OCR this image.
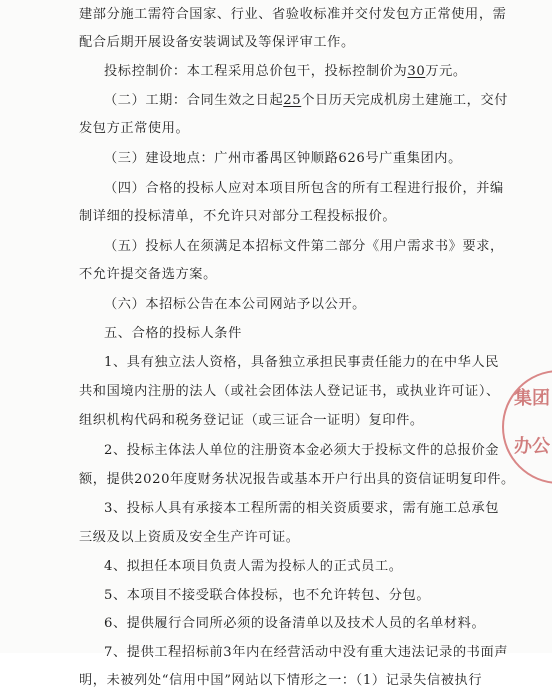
建部分施工需符合国家、行业、省验收标准并交付发包方正常使用，需
配合后期开展设备安装调试及等保评审工作。
投标控制价：本工程采用总价包干，投标控制价为30万元。
（二）工期：合同生效之日起25个日历天完成机房土建施工，交付
发包方正常使用。
（三）建设地点：广州市番禺区钟顺路626号广重集团内。
（四）合格的投标人应对本项目所包含的所有工程进行报价，并编
制详细的投标清单，不允许只对部分工程投标报价。
（五）投标人在须满足本招标文件第二部分《用户需求书》要求，
不允许提交备选方案。
（六）本招标公告在本公司网站予以公开。
五、合格的投标人条件
1、具有独立法人资格，具备独立承担民事责任能力的在中华人民
共和国境内注册的法人（或社会团体法人登记证书，或执业许可证）、
组织机构代码和税务登记证（或三证合一证明）复印件。
2、投标主体法人单位的注册资本金必须大于投标文件的总报价金
额，提供2020年度财务状况报告或基本开户行出具的资信证明复印件。
3、投标人具有承接本工程所需的相关资质要求，需有施工总承包
三级及以上资质及安全生产许可证。
4、拟担任本项目负责人需为投标人的正式员工。
5、本项目不接受联合体投标，也不允许转包、分包。
6、提供履行合同所必须的设备清单以及技术人员的名单材料。
7、提供工程招标前3年内在经营活动中没有重大违法记录的书面声
明，未被列处“信用中国”网站以下情形之一：（1）记录失信被执行
集团
办公
